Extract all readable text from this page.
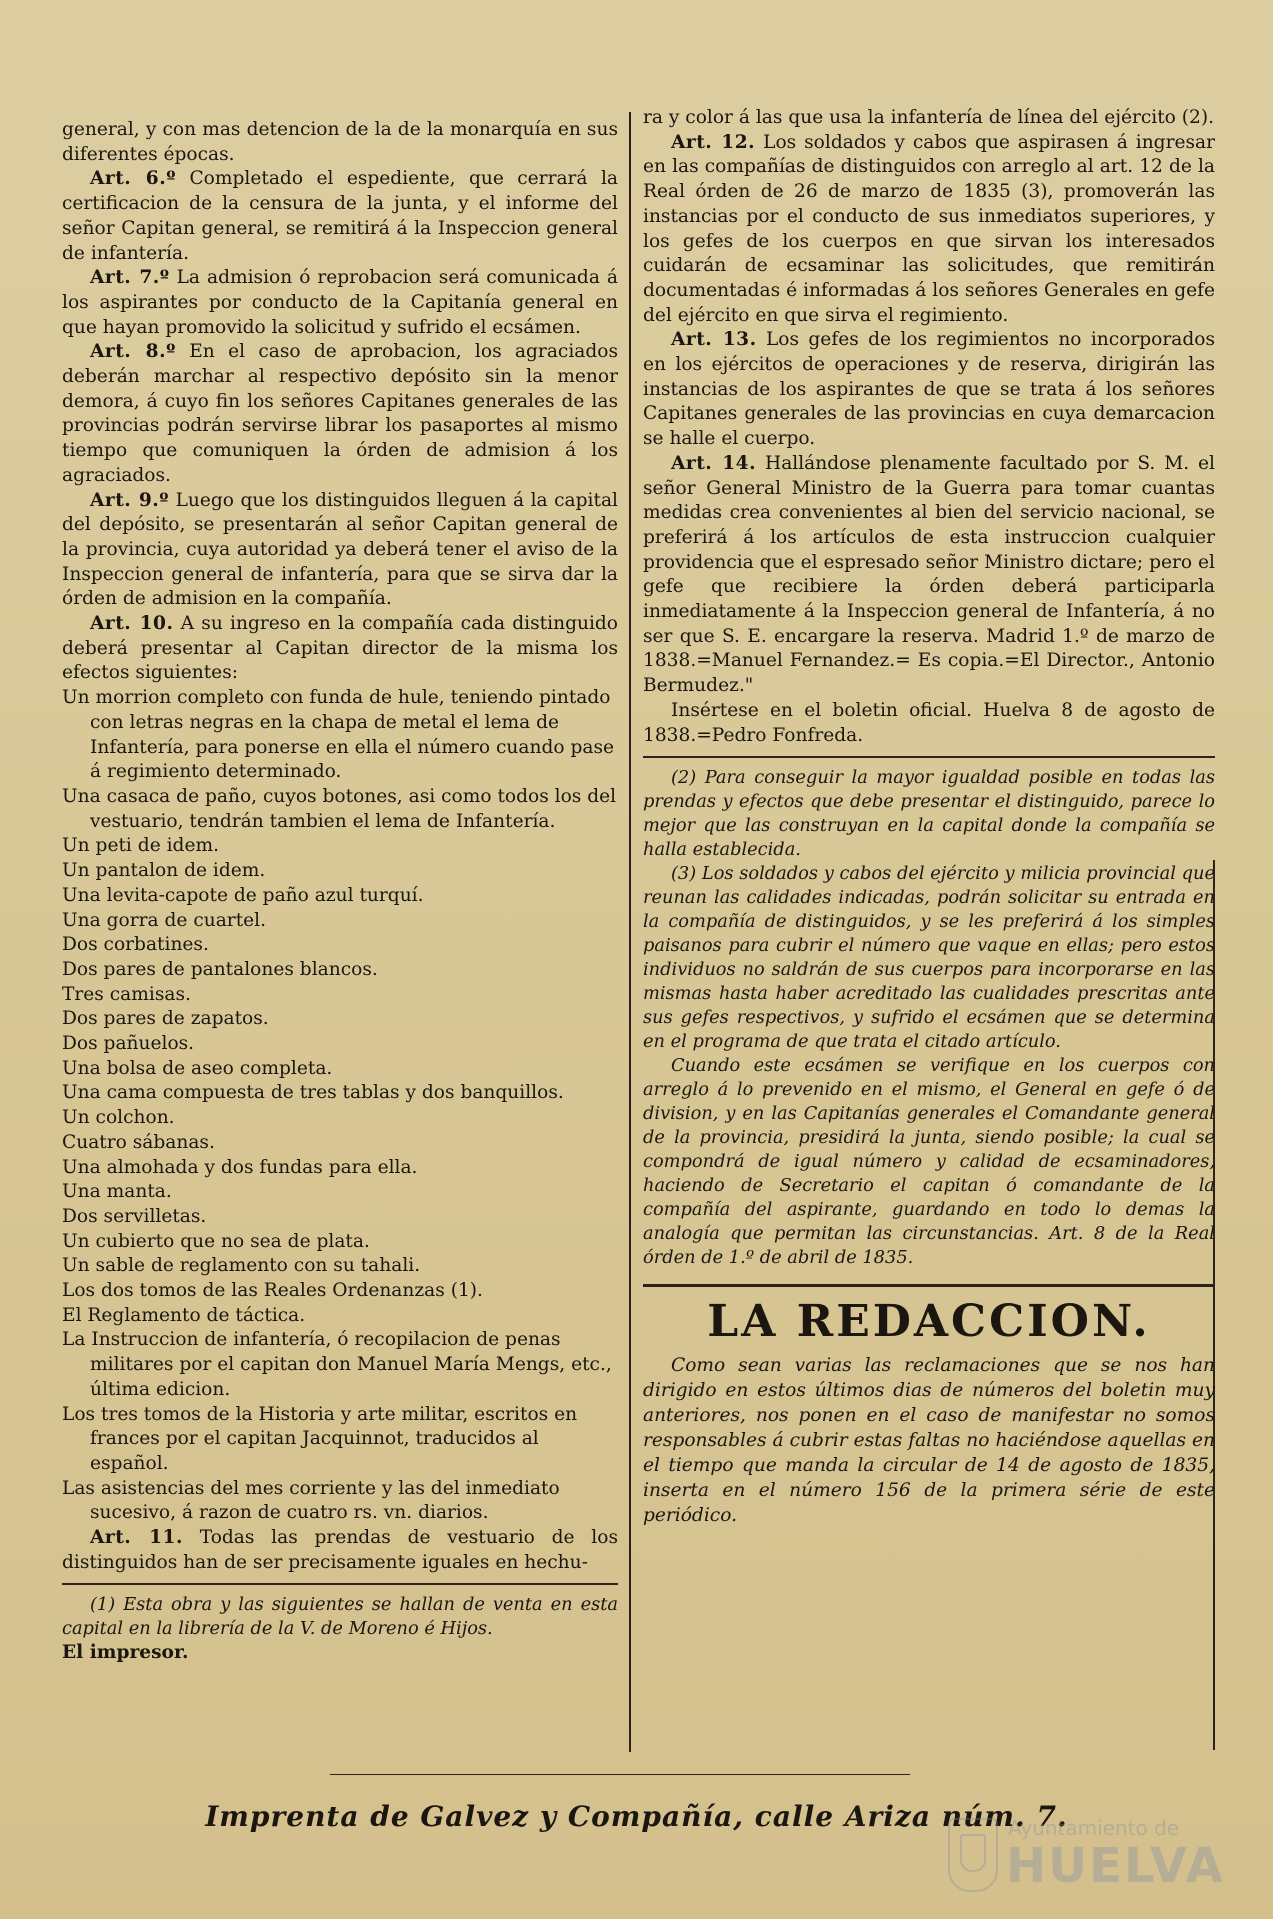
general, y con mas detencion de la de la monarquía en sus diferentes épocas.

Art. 6.º Completado el espediente, que cerrará la certificacion de la censura de la junta, y el informe del señor Capitan general, se remitirá á la Inspeccion general de infantería.

Art. 7.º La admision ó reprobacion será comunicada á los aspirantes por conducto de la Capitanía general en que hayan promovido la solicitud y sufrido el ecsámen.

Art. 8.º En el caso de aprobacion, los agraciados deberán marchar al respectivo depósito sin la menor demora, á cuyo fin los señores Capitanes generales de las provincias podrán servirse librar los pasaportes al mismo tiempo que comuniquen la órden de admision á los agraciados.

Art. 9.º Luego que los distinguidos lleguen á la capital del depósito, se presentarán al señor Capitan general de la provincia, cuya autoridad ya deberá tener el aviso de la Inspeccion general de infantería, para que se sirva dar la órden de admision en la compañía.

Art. 10. A su ingreso en la compañía cada distinguido deberá presentar al Capitan director de la misma los efectos siguientes:

Un morrion completo con funda de hule, teniendo pintado con letras negras en la chapa de metal el lema de Infantería, para ponerse en ella el número cuando pase á regimiento determinado.
Una casaca de paño, cuyos botones, asi como todos los del vestuario, tendrán tambien el lema de Infantería.
Un peti de idem.
Un pantalon de idem.
Una levita-capote de paño azul turquí.
Una gorra de cuartel.
Dos corbatines.
Dos pares de pantalones blancos.
Tres camisas.
Dos pares de zapatos.
Dos pañuelos.
Una bolsa de aseo completa.
Una cama compuesta de tres tablas y dos banquillos.
Un colchon.
Cuatro sábanas.
Una almohada y dos fundas para ella.
Una manta.
Dos servilletas.
Un cubierto que no sea de plata.
Un sable de reglamento con su tahali.
Los dos tomos de las Reales Ordenanzas (1).
El Reglamento de táctica.
La Instruccion de infantería, ó recopilacion de penas militares por el capitan don Manuel María Mengs, etc., última edicion.
Los tres tomos de la Historia y arte militar, escritos en frances por el capitan Jacquinnot, traducidos al español.
Las asistencias del mes corriente y las del inmediato sucesivo, á razon de cuatro rs. vn. diarios.

Art. 11. Todas las prendas de vestuario de los distinguidos han de ser precisamente iguales en hechu-

(1) Esta obra y las siguientes se hallan de venta en esta capital en la librería de la V. de Moreno é Hijos.

El impresor.

ra y color á las que usa la infantería de línea del ejército (2).

Art. 12. Los soldados y cabos que aspirasen á ingresar en las compañías de distinguidos con arreglo al art. 12 de la Real órden de 26 de marzo de 1835 (3), promoverán las instancias por el conducto de sus inmediatos superiores, y los gefes de los cuerpos en que sirvan los interesados cuidarán de ecsaminar las solicitudes, que remitirán documentadas é informadas á los señores Generales en gefe del ejército en que sirva el regimiento.

Art. 13. Los gefes de los regimientos no incorporados en los ejércitos de operaciones y de reserva, dirigirán las instancias de los aspirantes de que se trata á los señores Capitanes generales de las provincias en cuya demarcacion se halle el cuerpo.

Art. 14. Hallándose plenamente facultado por S. M. el señor General Ministro de la Guerra para tomar cuantas medidas crea convenientes al bien del servicio nacional, se preferirá á los artículos de esta instruccion cualquier providencia que el espresado señor Ministro dictare; pero el gefe que recibiere la órden deberá participarla inmediatamente á la Inspeccion general de Infantería, á no ser que S. E. encargare la reserva. Madrid 1.º de marzo de 1838.=Manuel Fernandez.= Es copia.=El Director., Antonio Bermudez."

Insértese en el boletin oficial. Huelva 8 de agosto de 1838.=Pedro Fonfreda.

(2) Para conseguir la mayor igualdad posible en todas las prendas y efectos que debe presentar el distinguido, parece lo mejor que las construyan en la capital donde la compañía se halla establecida.

(3) Los soldados y cabos del ejército y milicia provincial que reunan las calidades indicadas, podrán solicitar su entrada en la compañía de distinguidos, y se les preferirá á los simples paisanos para cubrir el número que vaque en ellas; pero estos individuos no saldrán de sus cuerpos para incorporarse en las mismas hasta haber acreditado las cualidades prescritas ante sus gefes respectivos, y sufrido el ecsámen que se determina en el programa de que trata el citado artículo.

Cuando este ecsámen se verifique en los cuerpos con arreglo á lo prevenido en el mismo, el General en gefe ó de division, y en las Capitanías generales el Comandante general de la provincia, presidirá la junta, siendo posible; la cual se compondrá de igual número y calidad de ecsaminadores, haciendo de Secretario el capitan ó comandante de la compañía del aspirante, guardando en todo lo demas la analogía que permitan las circunstancias. Art. 8 de la Real órden de 1.º de abril de 1835.

LA REDACCION.

Como sean varias las reclamaciones que se nos han dirigido en estos últimos dias de números del boletin muy anteriores, nos ponen en el caso de manifestar no somos responsables á cubrir estas faltas no haciéndose aquellas en el tiempo que manda la circular de 14 de agosto de 1835, inserta en el número 156 de la primera série de este periódico.

Imprenta de Galvez y Compañía, calle Ariza núm. 7.
Ayuntamiento de
HUELVA
